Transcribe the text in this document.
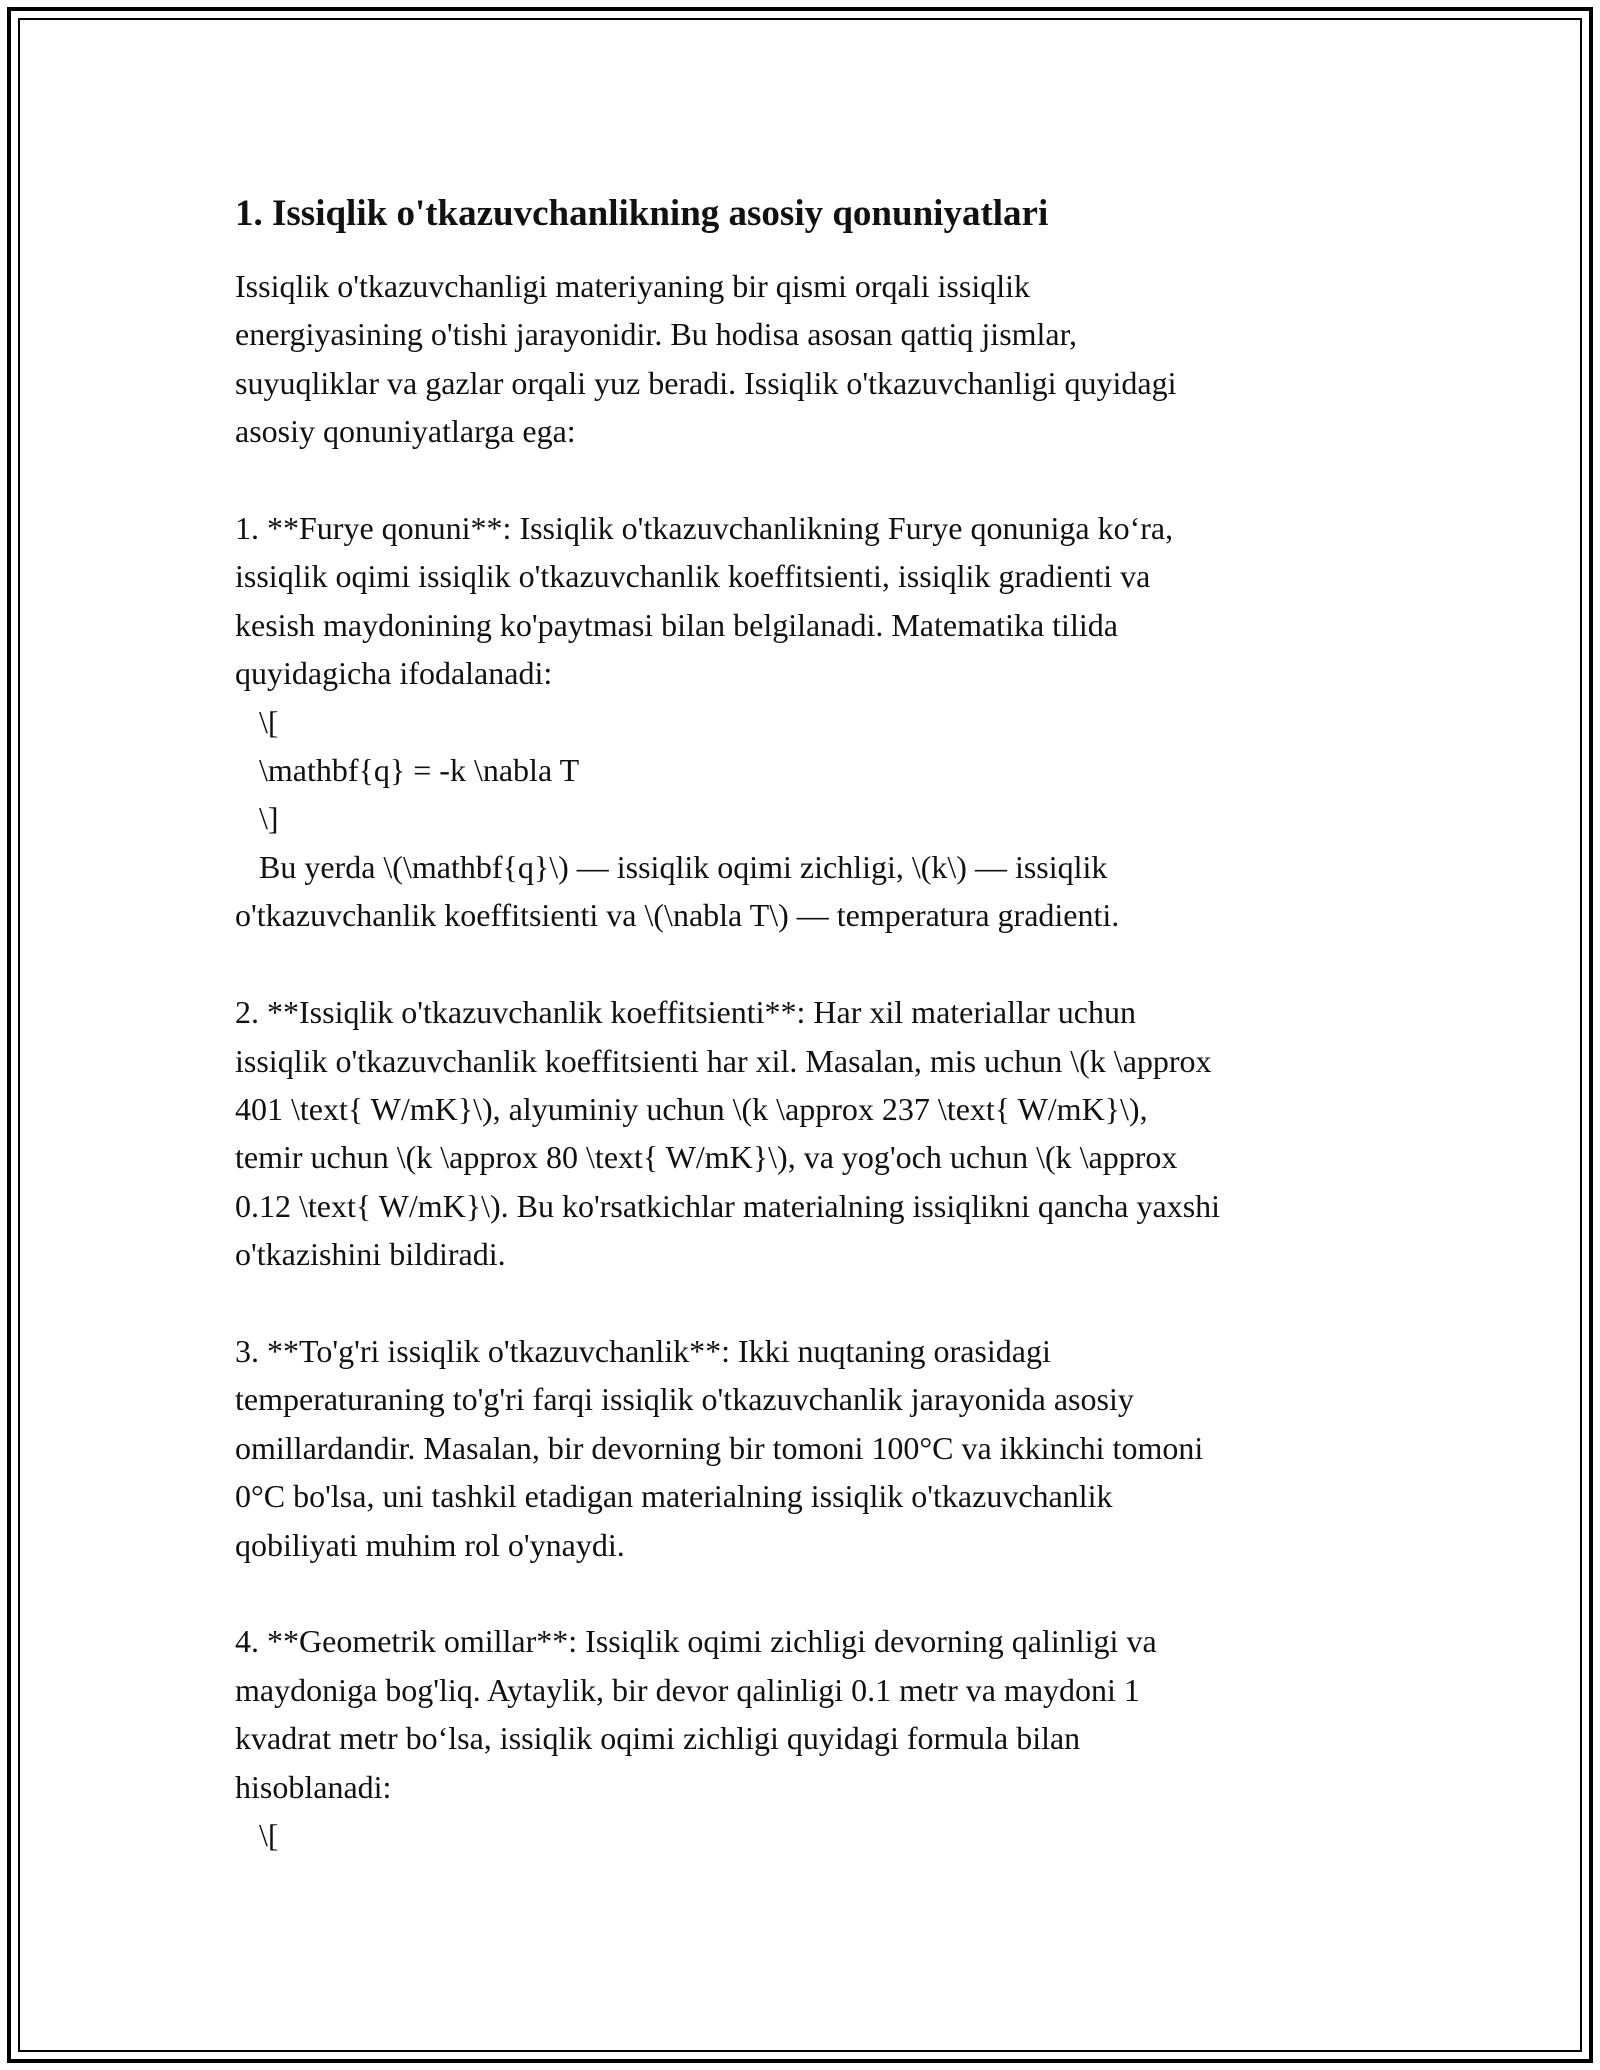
1. Issiqlik o'tkazuvchanlikning asosiy qonuniyatlari

Issiqlik o'tkazuvchanligi materiyaning bir qismi orqali issiqlik
energiyasining o'tishi jarayonidir. Bu hodisa asosan qattiq jismlar,
suyuqliklar va gazlar orqali yuz beradi. Issiqlik o'tkazuvchanligi quyidagi
asosiy qonuniyatlarga ega:

1. **Furye qonuni**: Issiqlik o'tkazuvchanlikning Furye qonuniga ko‘ra,
issiqlik oqimi issiqlik o'tkazuvchanlik koeffitsienti, issiqlik gradienti va
kesish maydonining ko'paytmasi bilan belgilanadi. Matematika tilida
quyidagicha ifodalanadi:
\[
\mathbf{q} = -k \nabla T
\]
Bu yerda \(\mathbf{q}\) — issiqlik oqimi zichligi, \(k\) — issiqlik
o'tkazuvchanlik koeffitsienti va \(\nabla T\) — temperatura gradienti.

2. **Issiqlik o'tkazuvchanlik koeffitsienti**: Har xil materiallar uchun
issiqlik o'tkazuvchanlik koeffitsienti har xil. Masalan, mis uchun \(k \approx
401 \text{ W/mK}\), alyuminiy uchun \(k \approx 237 \text{ W/mK}\),
temir uchun \(k \approx 80 \text{ W/mK}\), va yog'och uchun \(k \approx
0.12 \text{ W/mK}\). Bu ko'rsatkichlar materialning issiqlikni qancha yaxshi
o'tkazishini bildiradi.

3. **To'g'ri issiqlik o'tkazuvchanlik**: Ikki nuqtaning orasidagi
temperaturaning to'g'ri farqi issiqlik o'tkazuvchanlik jarayonida asosiy
omillardandir. Masalan, bir devorning bir tomoni 100°C va ikkinchi tomoni
0°C bo'lsa, uni tashkil etadigan materialning issiqlik o'tkazuvchanlik
qobiliyati muhim rol o'ynaydi.

4. **Geometrik omillar**: Issiqlik oqimi zichligi devorning qalinligi va
maydoniga bog'liq. Aytaylik, bir devor qalinligi 0.1 metr va maydoni 1
kvadrat metr bo‘lsa, issiqlik oqimi zichligi quyidagi formula bilan
hisoblanadi:
\[
